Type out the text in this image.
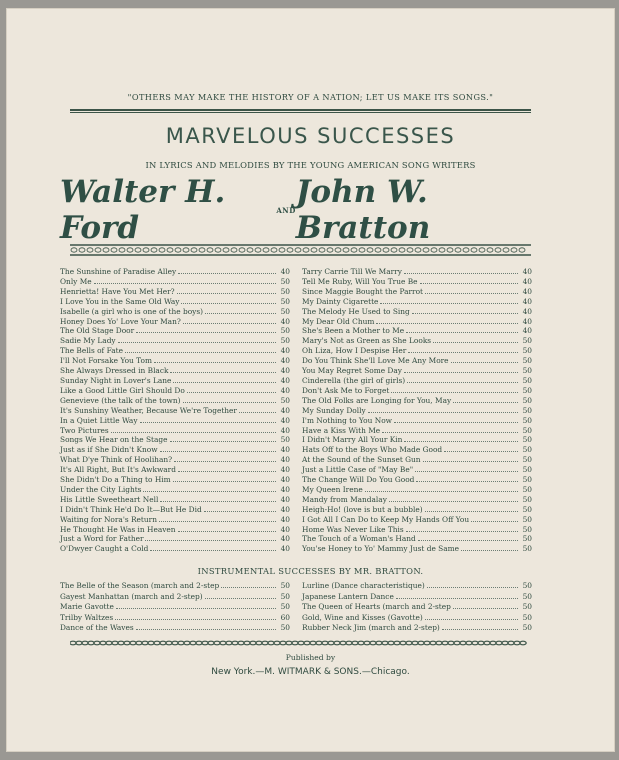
"OTHERS MAY MAKE THE HISTORY OF A NATION; LET US MAKE ITS SONGS."
MARVELOUS SUCCESSES
IN LYRICS AND MELODIES BY THE YOUNG AMERICAN SONG WRITERS
Walter H. Ford	AND John W. Bratton
The Sunshine of Paradise Alley	40
Only Me	50
Henrietta! Have You Met Her?	50
I Love You in the Same Old Way	50
Isabelle (a girl who is one of the boys)	50
Honey Does Yo' Love Your Man?	40
The Old Stage Door	50
Sadie My Lady	50
The Bells of Fate	40
I'll Not Forsake You Tom	40
She Always Dressed in Black	40
Sunday Night in Lover's Lane	40
Like a Good Little Girl Should Do	40
Genevieve (the talk of the town)	50
It's Sunshiny Weather, Because We're Together	40
In a Quiet Little Way	40
Two Pictures	40
Songs We Hear on the Stage	50
Just as if She Didn't Know	40
What D'ye Think of Hoolihan?	40
It's All Right, But It's Awkward	40
She Didn't Do a Thing to Him	40
Under the City Lights	40
His Little Sweetheart Nell	40
I Didn't Think He'd Do It—But He Did	40
Waiting for Nora's Return	40
He Thought He Was in Heaven	40
Just a Word for Father	40
O'Dwyer Caught a Cold	40
Tarry Carrie Till We Marry	40
Tell Me Ruby, Will You True Be	40
Since Maggie Bought the Parrot	40
My Dainty Cigarette	40
The Melody He Used to Sing	40
My Dear Old Chum	40
She's Been a Mother to Me	40
Mary's Not as Green as She Looks	50
Oh Liza, How I Despise Her	50
Do You Think She'll Love Me Any More	50
You May Regret Some Day	50
Cinderella (the girl of girls)	50
Don't Ask Me to Forget	50
The Old Folks are Longing for You, May	50
My Sunday Dolly	50
I'm Nothing to You Now	50
Have a Kiss With Me	50
I Didn't Marry All Your Kin	50
Hats Off to the Boys Who Made Good	50
At the Sound of the Sunset Gun	50
Just a Little Case of "May Be"	50
The Change Will Do You Good	50
My Queen Irene	50
Mandy from Mandalay	50
Heigh-Ho! (love is but a bubble)	50
I Got All I Can Do to Keep My Hands Off You	50
Home Was Never Like This	50
The Touch of a Woman's Hand	50
You'se Honey to Yo' Mammy Just de Same	50
INSTRUMENTAL SUCCESSES BY MR. BRATTON.
The Belle of the Season (march and 2-step	50
Gayest Manhattan (march and 2-step)	50
Marie Gavotte	50
Trilby Waltzes	60
Dance of the Waves	50
Lurline (Dance characteristique)	50
Japanese Lantern Dance	50
The Queen of Hearts (march and 2-step	50
Gold, Wine and Kisses (Gavotte)	50
Rubber Neck Jim (march and 2-step)	50
Published by
New York.—M. WITMARK & SONS.—Chicago.
